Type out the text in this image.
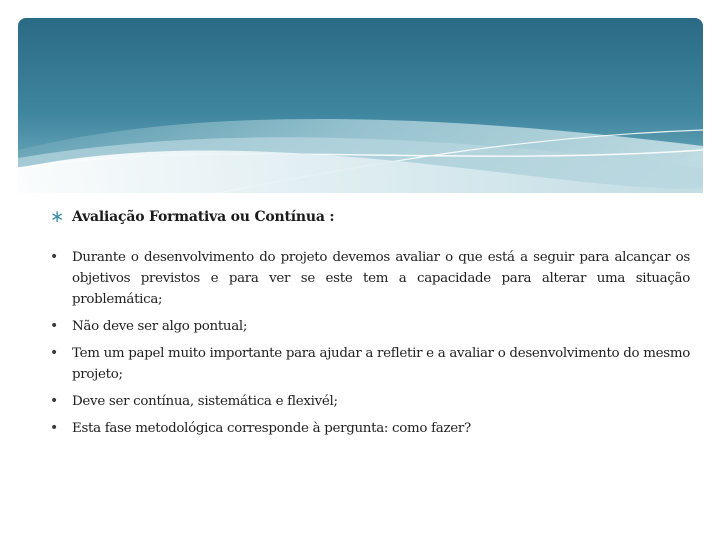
∗ Avaliação Formativa ou Contínua :
•	Durante o desenvolvimento do projeto devemos avaliar o que está a seguir para alcançar os objetivos previstos e para ver se este tem a capacidade para alterar uma situação problemática;
•	Não deve ser algo pontual;
•	Tem um papel muito importante para ajudar a refletir e a avaliar o desenvolvimento do mesmo projeto;
•	Deve ser contínua, sistemática e flexivél;
•	Esta fase metodológica corresponde à pergunta: como fazer?
